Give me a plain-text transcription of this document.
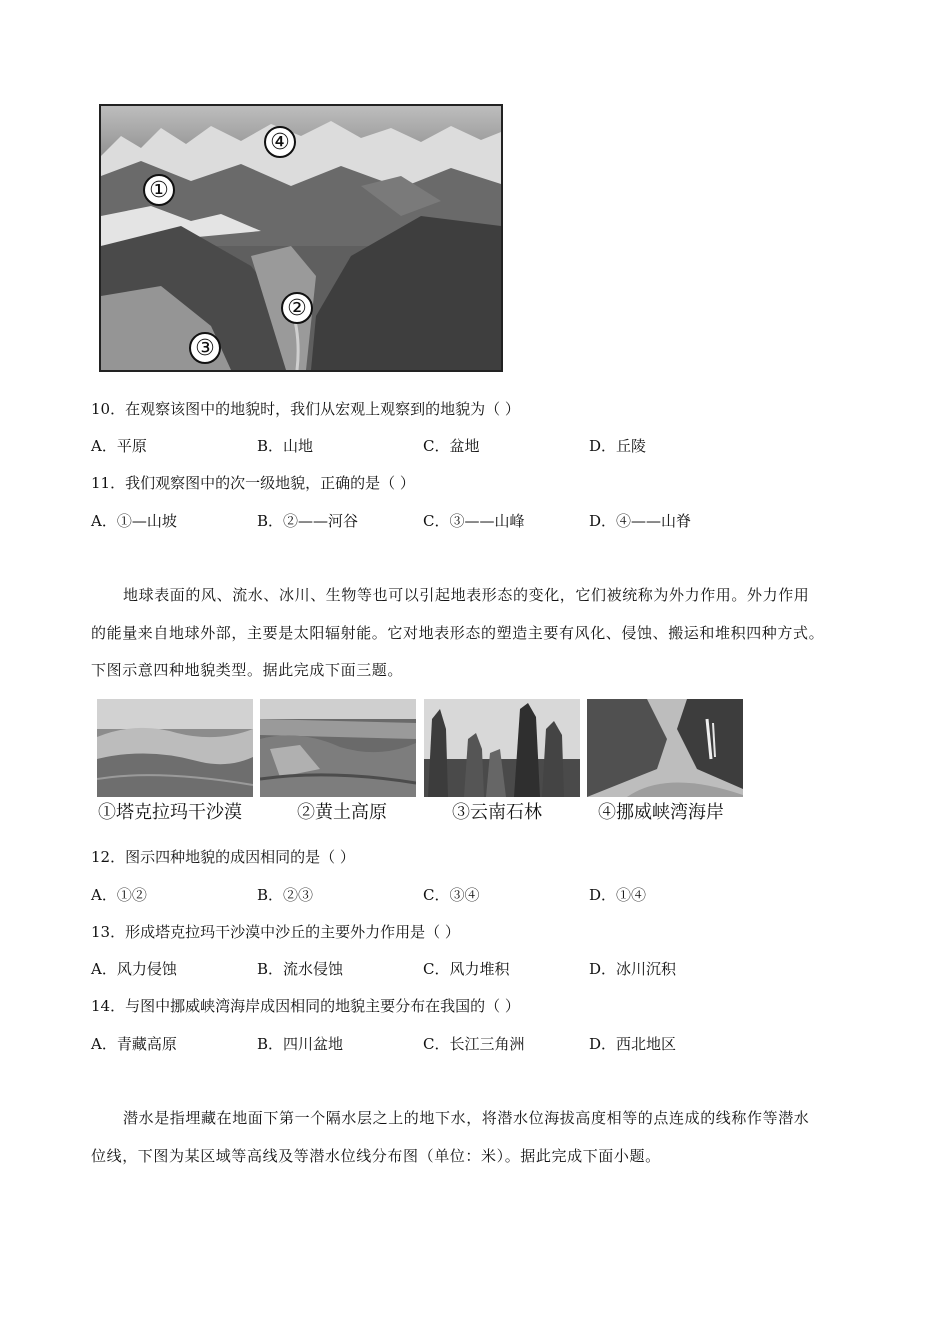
①
②
③
④
10．在观察该图中的地貌时，我们从宏观上观察到的地貌为（ ）
A．平原	B．山地	C．盆地	D．丘陵
11．我们观察图中的次一级地貌，正确的是（ ）
A．①—山坡	B．②——河谷	C．③——山峰	D．④——山脊
地球表面的风、流水、冰川、生物等也可以引起地表形态的变化，它们被统称为外力作用。外力作用
的能量来自地球外部，主要是太阳辐射能。它对地表形态的塑造主要有风化、侵蚀、搬运和堆积四种方式。
下图示意四种地貌类型。据此完成下面三题。
①塔克拉玛干沙漠	②黄土高原	③云南石林	④挪威峡湾海岸
12．图示四种地貌的成因相同的是（ ）
A．①②	B．②③	C．③④	D．①④
13．形成塔克拉玛干沙漠中沙丘的主要外力作用是（ ）
A．风力侵蚀	B．流水侵蚀	C．风力堆积	D．冰川沉积
14．与图中挪威峡湾海岸成因相同的地貌主要分布在我国的（ ）
A．青藏高原	B．四川盆地	C．长江三角洲	D．西北地区
潜水是指埋藏在地面下第一个隔水层之上的地下水，将潜水位海拔高度相等的点连成的线称作等潜水
位线，下图为某区域等高线及等潜水位线分布图（单位：米）。据此完成下面小题。
